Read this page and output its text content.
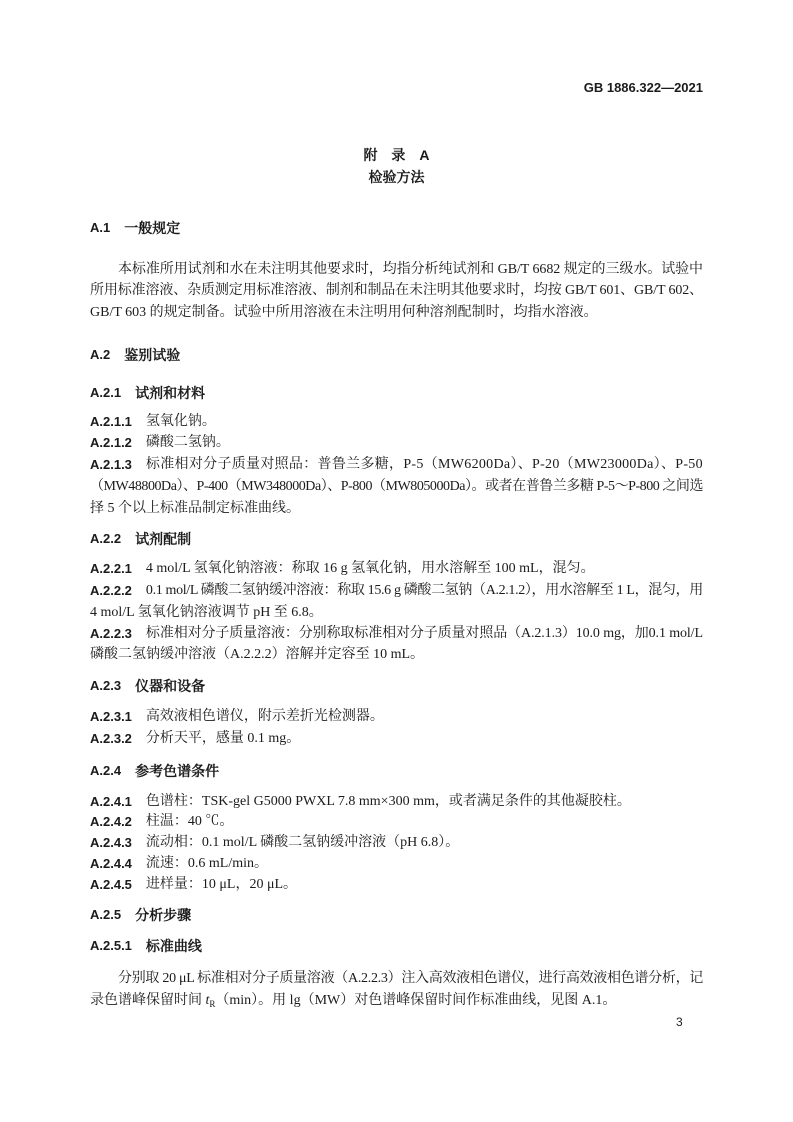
GB 1886.322—2021
附 录 A
检验方法
A.1 一般规定
本标准所用试剂和水在未注明其他要求时，均指分析纯试剂和 GB/T 6682 规定的三级水。试验中
所用标准溶液、杂质测定用标准溶液、制剂和制品在未注明其他要求时，均按 GB/T 601、GB/T 602、
GB/T 603 的规定制备。试验中所用溶液在未注明用何种溶剂配制时，均指水溶液。
A.2 鉴别试验
A.2.1 试剂和材料
A.2.1.1 氢氧化钠。
A.2.1.2 磷酸二氢钠。
A.2.1.3 标准相对分子质量对照品：普鲁兰多糖，P-5（MW6200Da）、P-20（MW23000Da）、P-50
（MW48800Da）、P-400（MW348000Da）、P-800（MW805000Da）。或者在普鲁兰多糖 P-5～P-800 之间选
择 5 个以上标准品制定标准曲线。
A.2.2 试剂配制
A.2.2.1 4 mol/L 氢氧化钠溶液：称取 16 g 氢氧化钠，用水溶解至 100 mL，混匀。
A.2.2.2 0.1 mol/L 磷酸二氢钠缓冲溶液：称取 15.6 g 磷酸二氢钠（A.2.1.2），用水溶解至 1 L，混匀，用
4 mol/L 氢氧化钠溶液调节 pH 至 6.8。
A.2.2.3 标准相对分子质量溶液：分别称取标准相对分子质量对照品（A.2.1.3）10.0 mg，加0.1 mol/L
磷酸二氢钠缓冲溶液（A.2.2.2）溶解并定容至 10 mL。
A.2.3 仪器和设备
A.2.3.1 高效液相色谱仪，附示差折光检测器。
A.2.3.2 分析天平，感量 0.1 mg。
A.2.4 参考色谱条件
A.2.4.1 色谱柱：TSK-gel G5000 PWXL 7.8 mm×300 mm，或者满足条件的其他凝胶柱。
A.2.4.2 柱温：40 ℃。
A.2.4.3 流动相：0.1 mol/L 磷酸二氢钠缓冲溶液（pH 6.8）。
A.2.4.4 流速：0.6 mL/min。
A.2.4.5 进样量：10 μL，20 μL。
A.2.5 分析步骤
A.2.5.1 标准曲线
分别取 20 μL 标准相对分子质量溶液（A.2.2.3）注入高效液相色谱仪，进行高效液相色谱分析，记
录色谱峰保留时间 $t_R(\min)$。用 lg（MW）对色谱峰保留时间作标准曲线，见图 A.1。
3
